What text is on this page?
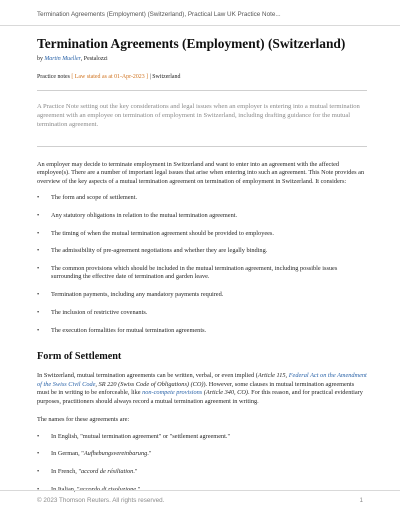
Termination Agreements (Employment) (Switzerland), Practical Law UK Practice Note...
Termination Agreements (Employment) (Switzerland)
by Martin Mueller, Pestalozzi
Practice notes [ Law stated as at 01-Apr-2023 ] | Switzerland
A Practice Note setting out the key considerations and legal issues when an employer is entering into a mutual termination agreement with an employee on termination of employment in Switzerland, including drafting guidance for the mutual termination agreement.
An employer may decide to terminate employment in Switzerland and want to enter into an agreement with the affected employee(s). There are a number of important legal issues that arise when entering into such an agreement. This Note provides an overview of the key aspects of a mutual termination agreement on termination of employment in Switzerland. It considers:
• The form and scope of settlement.
• Any statutory obligations in relation to the mutual termination agreement.
• The timing of when the mutual termination agreement should be provided to employees.
• The admissibility of pre-agreement negotiations and whether they are legally binding.
• The common provisions which should be included in the mutual termination agreement, including possible issues surrounding the effective date of termination and garden leave.
• Termination payments, including any mandatory payments required.
• The inclusion of restrictive covenants.
• The execution formalities for mutual termination agreements.
Form of Settlement
In Switzerland, mutual termination agreements can be written, verbal, or even implied (Article 115, Federal Act on the Amendment of the Swiss Civil Code, SR 220 (Swiss Code of Obligations) (CO)). However, some clauses in mutual termination agreements must be in writing to be enforceable, like non-compete provisions (Article 340, CO). For this reason, and for practical evidentiary purposes, practitioners should always record a mutual termination agreement in writing.
The names for these agreements are:
• In English, "mutual termination agreement" or "settlement agreement."
• In German, "Aufhebungsvereinbarung."
• In French, "accord de résiliation."
• In Italian, "accordo di risoluzione."
© 2023 Thomson Reuters. All rights reserved.	1
